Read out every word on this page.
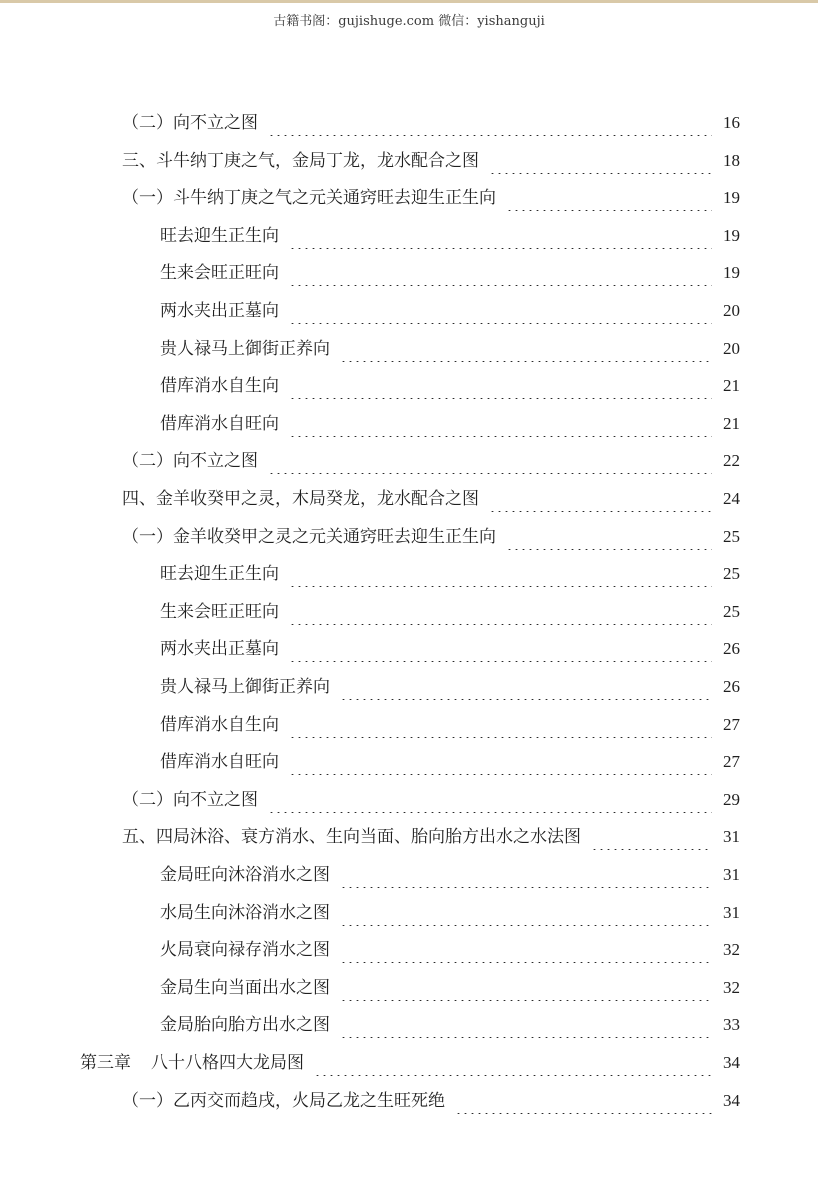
古籍书阁：gujishuge.com 微信：yishanguji
（二）向不立之图	16
三、斗牛纳丁庚之气，金局丁龙，龙水配合之图	18
（一）斗牛纳丁庚之气之元关通窍旺去迎生正生向	19
旺去迎生正生向	19
生来会旺正旺向	19
两水夹出正墓向	20
贵人禄马上御街正养向	20
借库消水自生向	21
借库消水自旺向	21
（二）向不立之图	22
四、金羊收癸甲之灵，木局癸龙，龙水配合之图	24
（一）金羊收癸甲之灵之元关通窍旺去迎生正生向	25
旺去迎生正生向	25
生来会旺正旺向	25
两水夹出正墓向	26
贵人禄马上御街正养向	26
借库消水自生向	27
借库消水自旺向	27
（二）向不立之图	29
五、四局沐浴、衰方消水、生向当面、胎向胎方出水之水法图	31
金局旺向沐浴消水之图	31
水局生向沐浴消水之图	31
火局衰向禄存消水之图	32
金局生向当面出水之图	32
金局胎向胎方出水之图	33
第三章 八十八格四大龙局图	34
（一）乙丙交而趋戌，火局乙龙之生旺死绝	34
